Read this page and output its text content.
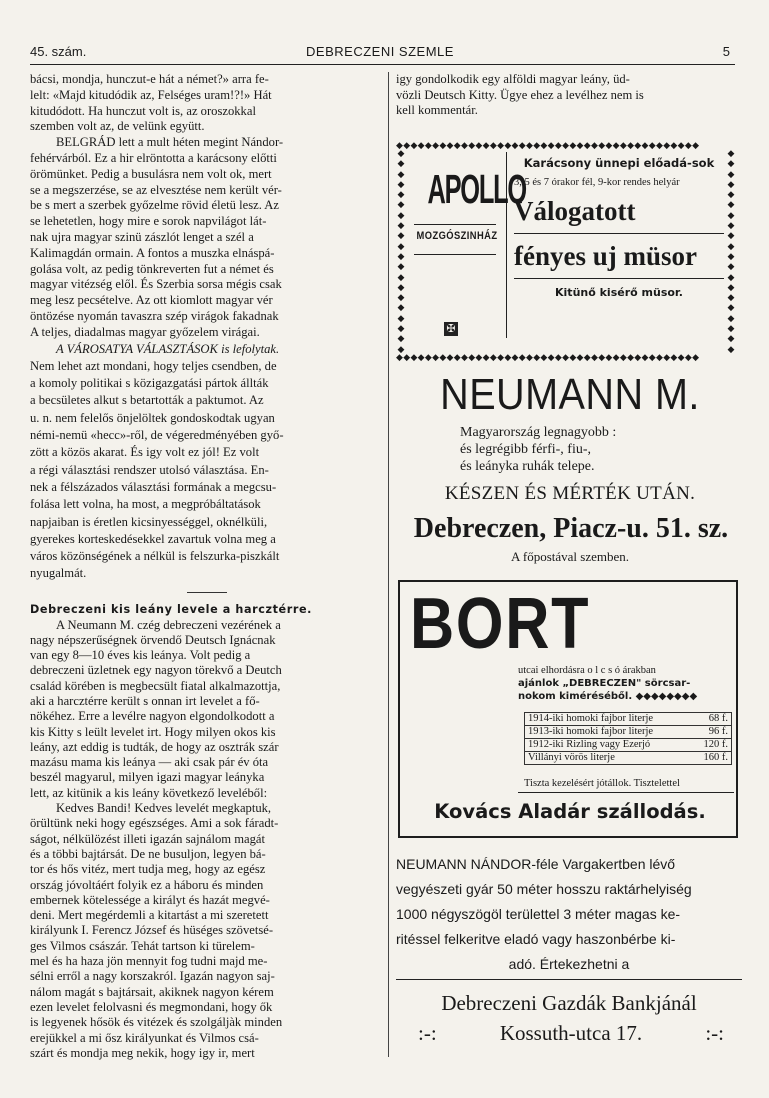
45. szám.	DEBRECZENI SZEMLE	5

bácsi, mondja, hunczut-e hát a német?» arra fe-

lelt: «Majd kitudódik az, Felséges uram!?!» Hát

kitudódott. Ha hunczut volt is, az oroszokkal

szemben volt az, de velünk együtt.

BELGRÁD lett a mult héten megint Nándor-

fehérvárból. Ez a hir elröntotta a karácsony előtti

örömünket. Pedig a busulásra nem volt ok, mert

se a megszerzése, se az elvesztése nem került vér-

be s mert a szerbek győzelme rövid életü lesz. Az

se lehetetlen, hogy mire e sorok napvilágot lát-

nak ujra magyar szinü zászlót lenget a szél a

Kalimagdán ormain. A fontos a muszka elnáspá-

golása volt, az pedig tönkreverten fut a német és

magyar vitézség elől. És Szerbia sorsa mégis csak

meg lesz pecsételve. Az ott kiomlott magyar vér

öntözése nyomán tavaszra szép virágok fakadnak

A teljes, diadalmas magyar győzelem virágai.

A VÁROSATYA VÁLASZTÁSOK is lefolytak.

Nem lehet azt mondani, hogy teljes csendben, de

a komoly politikai s közigazgatási pártok állták

a becsületes alkut s betartották a paktumot. Az

u. n. nem felelős önjelöltek gondoskodtak ugyan

némi-nemü «hecc»-ről, de végeredményében győ-

zött a közös akarat. És igy volt ez jól! Ez volt

a régi választási rendszer utolsó választása. En-

nek a félszázados választási formának a megcsu-

folása lett volna, ha most, a megpróbáltatások

napjaiban is éretlen kicsinyességgel, oknélküli,

gyerekes korteskedésekkel zavartuk volna meg a

város közönségének a nélkül is felszurka-piszkált

nyugalmát.

Debreczeni kis leány levele a harcztérre.

A Neumann M. czég debreczeni vezérének a

nagy népszerűségnek örvendő Deutsch Ignácnak

van egy 8—10 éves kis leánya. Volt pedig a

debreczeni üzletnek egy nagyon törekvő a Deutch

család körében is megbecsült fiatal alkalmazottja,

aki a harcztérre került s onnan irt levelet a fő-

nökéhez. Erre a levélre nagyon elgondolkodott a

kis Kitty s leült levelet irt. Hogy milyen okos kis

leány, azt eddig is tudták, de hogy az osztrák szár

mazásu mama kis leánya — aki csak pár év óta

beszél magyarul, milyen igazi magyar leányka

lett, az kitünik a kis leány következő leveléből:

Kedves Bandi! Kedves levelét megkaptuk,

örültünk neki hogy egészséges. Ami a sok fáradt-

ságot, nélkülözést illeti igazán sajnálom magát

és a többi bajtársát. De ne busuljon, legyen bá-

tor és hős vitéz, mert tudja meg, hogy az egész

ország jóvoltáért folyik ez a háboru és minden

embernek kötelessége a királyt és hazát megvé-

deni. Mert megérdemli a kitartást a mi szeretett

királyunk I. Ferencz József és hüséges szövetsé-

ges Vilmos császár. Tehát tartson ki türelem-

mel és ha haza jön mennyit fog tudni majd me-

sélni erről a nagy korszakról. Igazán nagyon saj-

nálom magát s bajtársait, akiknek nagyon kérem

ezen levelet felolvasni és megmondani, hogy ők

is legyenek hősök és vitézek és szolgáljàk minden

erejükkel a mi ősz királyunkat és Vilmos csá-

szárt és mondja meg nekik, hogy igy ir, mert

igy gondolkodik egy alföldi magyar leány, üd-

vözli Deutsch Kitty. Ügye ehez a levélhez nem is

kell kommentár.

◆◆◆◆◆◆◆◆◆◆◆◆◆◆◆◆◆◆◆◆◆◆◆◆◆◆◆◆◆◆◆◆◆◆◆◆◆◆◆◆◆◆
◆◆◆◆◆◆◆◆◆◆◆◆◆◆◆◆◆◆◆◆◆◆◆◆◆◆◆◆◆◆◆◆◆◆◆◆◆◆◆◆◆◆
◆
◆
◆
◆
◆
◆
◆
◆
◆
◆
◆
◆
◆
◆
◆
◆
◆
◆
◆
◆
◆
◆
◆
◆
◆
◆
◆
◆
◆
◆
◆
◆
◆
◆
◆
◆
◆
◆
◆
◆
APOLLO
MOZGÓSZINHÁZ
✠

Karácsony ünnepi előadá-sok

3, 5 és 7 órakor fél, 9-kor rendes helyár

Válogatott

fényes uj müsor

Kitünő kisérő müsor.
NEUMANN M.
Magyarország legnagyobb :
és legrégibb férfi-, fiu-,
és leányka ruhák telepe.
KÉSZEN ÉS MÉRTÉK UTÁN.
Debreczen, Piacz-u. 51. sz.
A főpostával szemben.
BORT
utcai elhordásra o l c s ó árakban
ajánlok „DEBRECZEN" sörcsar-
nokom kiméréséből. ◆◆◆◆◆◆◆◆
1914-iki homoki fajbor literje	68 f.
1913-iki homoki fajbor literje	96 f.
1912-iki Rizling vagy Ezerjó	120 f.
Villányi vörös literje	160 f.
Tiszta kezelésért jótállok. Tisztelettel
Kovács Aladár szállodás.
NEUMANN NÁNDOR-féle Vargakertben lévő
vegyészeti gyár 50 méter hosszu raktárhelyiség
1000 négyszögöl területtel 3 méter magas ke-
ritéssel felkeritve eladó vagy haszonbérbe ki-
adó. Értekezhetni a
Debreczeni Gazdák Bankjánál
:-:	Kossuth-utca 17.	:-:
